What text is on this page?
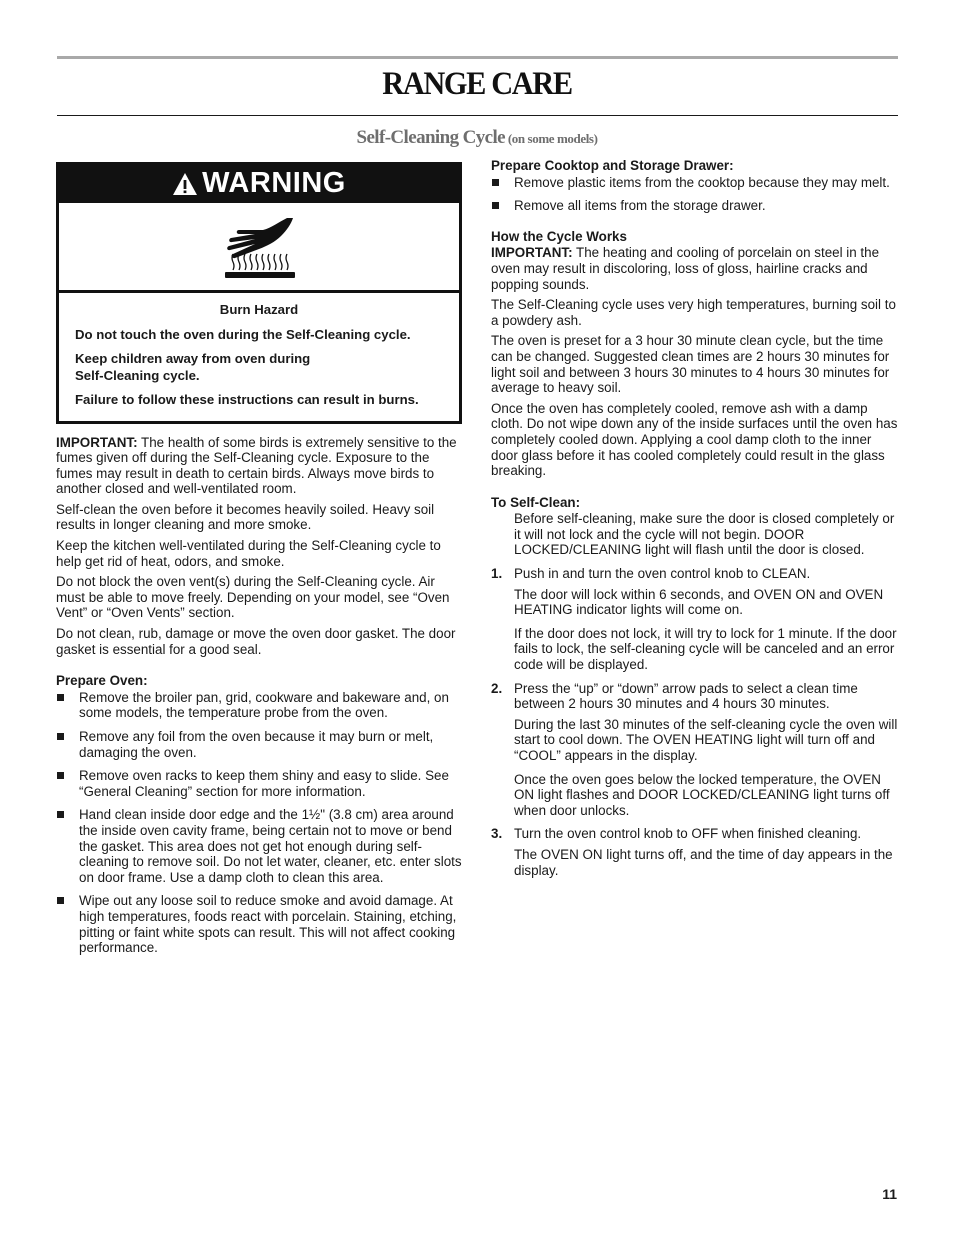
RANGE CARE
Self-Cleaning Cycle (on some models)
WARNING

Burn Hazard

Do not touch the oven during the Self-Cleaning cycle.

Keep children away from oven during
Self-Cleaning cycle.

Failure to follow these instructions can result in burns.

IMPORTANT: The health of some birds is extremely sensitive to the fumes given off during the Self-Cleaning cycle. Exposure to the fumes may result in death to certain birds. Always move birds to another closed and well-ventilated room.

Self-clean the oven before it becomes heavily soiled. Heavy soil results in longer cleaning and more smoke.

Keep the kitchen well-ventilated during the Self-Cleaning cycle to help get rid of heat, odors, and smoke.

Do not block the oven vent(s) during the Self-Cleaning cycle. Air must be able to move freely. Depending on your model, see “Oven Vent” or “Oven Vents” section.

Do not clean, rub, damage or move the oven door gasket. The door gasket is essential for a good seal.

Prepare Oven:

Remove the broiler pan, grid, cookware and bakeware and, on some models, the temperature probe from the oven.
Remove any foil from the oven because it may burn or melt, damaging the oven.
Remove oven racks to keep them shiny and easy to slide. See “General Cleaning” section for more information.
Hand clean inside door edge and the 1½" (3.8 cm) area around the inside oven cavity frame, being certain not to move or bend the gasket. This area does not get hot enough during self-cleaning to remove soil. Do not let water, cleaner, etc. enter slots on door frame. Use a damp cloth to clean this area.
Wipe out any loose soil to reduce smoke and avoid damage. At high temperatures, foods react with porcelain. Staining, etching, pitting or faint white spots can result. This will not affect cooking performance.

Prepare Cooktop and Storage Drawer:

Remove plastic items from the cooktop because they may melt.
Remove all items from the storage drawer.

How the Cycle Works

IMPORTANT: The heating and cooling of porcelain on steel in the oven may result in discoloring, loss of gloss, hairline cracks and popping sounds.

The Self-Cleaning cycle uses very high temperatures, burning soil to a powdery ash.

The oven is preset for a 3 hour 30 minute clean cycle, but the time can be changed. Suggested clean times are 2 hours 30 minutes for light soil and between 3 hours 30 minutes to 4 hours 30 minutes for average to heavy soil.

Once the oven has completely cooled, remove ash with a damp cloth. Do not wipe down any of the inside surfaces until the oven has completely cooled down. Applying a cool damp cloth to the inner door glass before it has cooled completely could result in the glass breaking.

To Self-Clean:

Before self-cleaning, make sure the door is closed completely or it will not lock and the cycle will not begin. DOOR LOCKED/CLEANING light will flash until the door is closed.

1. Push in and turn the oven control knob to CLEAN.

The door will lock within 6 seconds, and OVEN ON and OVEN HEATING indicator lights will come on.

If the door does not lock, it will try to lock for 1 minute. If the door fails to lock, the self-cleaning cycle will be canceled and an error code will be displayed.

2. Press the “up” or “down” arrow pads to select a clean time between 2 hours 30 minutes and 4 hours 30 minutes.

During the last 30 minutes of the self-cleaning cycle the oven will start to cool down. The OVEN HEATING light will turn off and “COOL” appears in the display.

Once the oven goes below the locked temperature, the OVEN ON light flashes and DOOR LOCKED/CLEANING light turns off when door unlocks.

3. Turn the oven control knob to OFF when finished cleaning.

The OVEN ON light turns off, and the time of day appears in the display.

11
